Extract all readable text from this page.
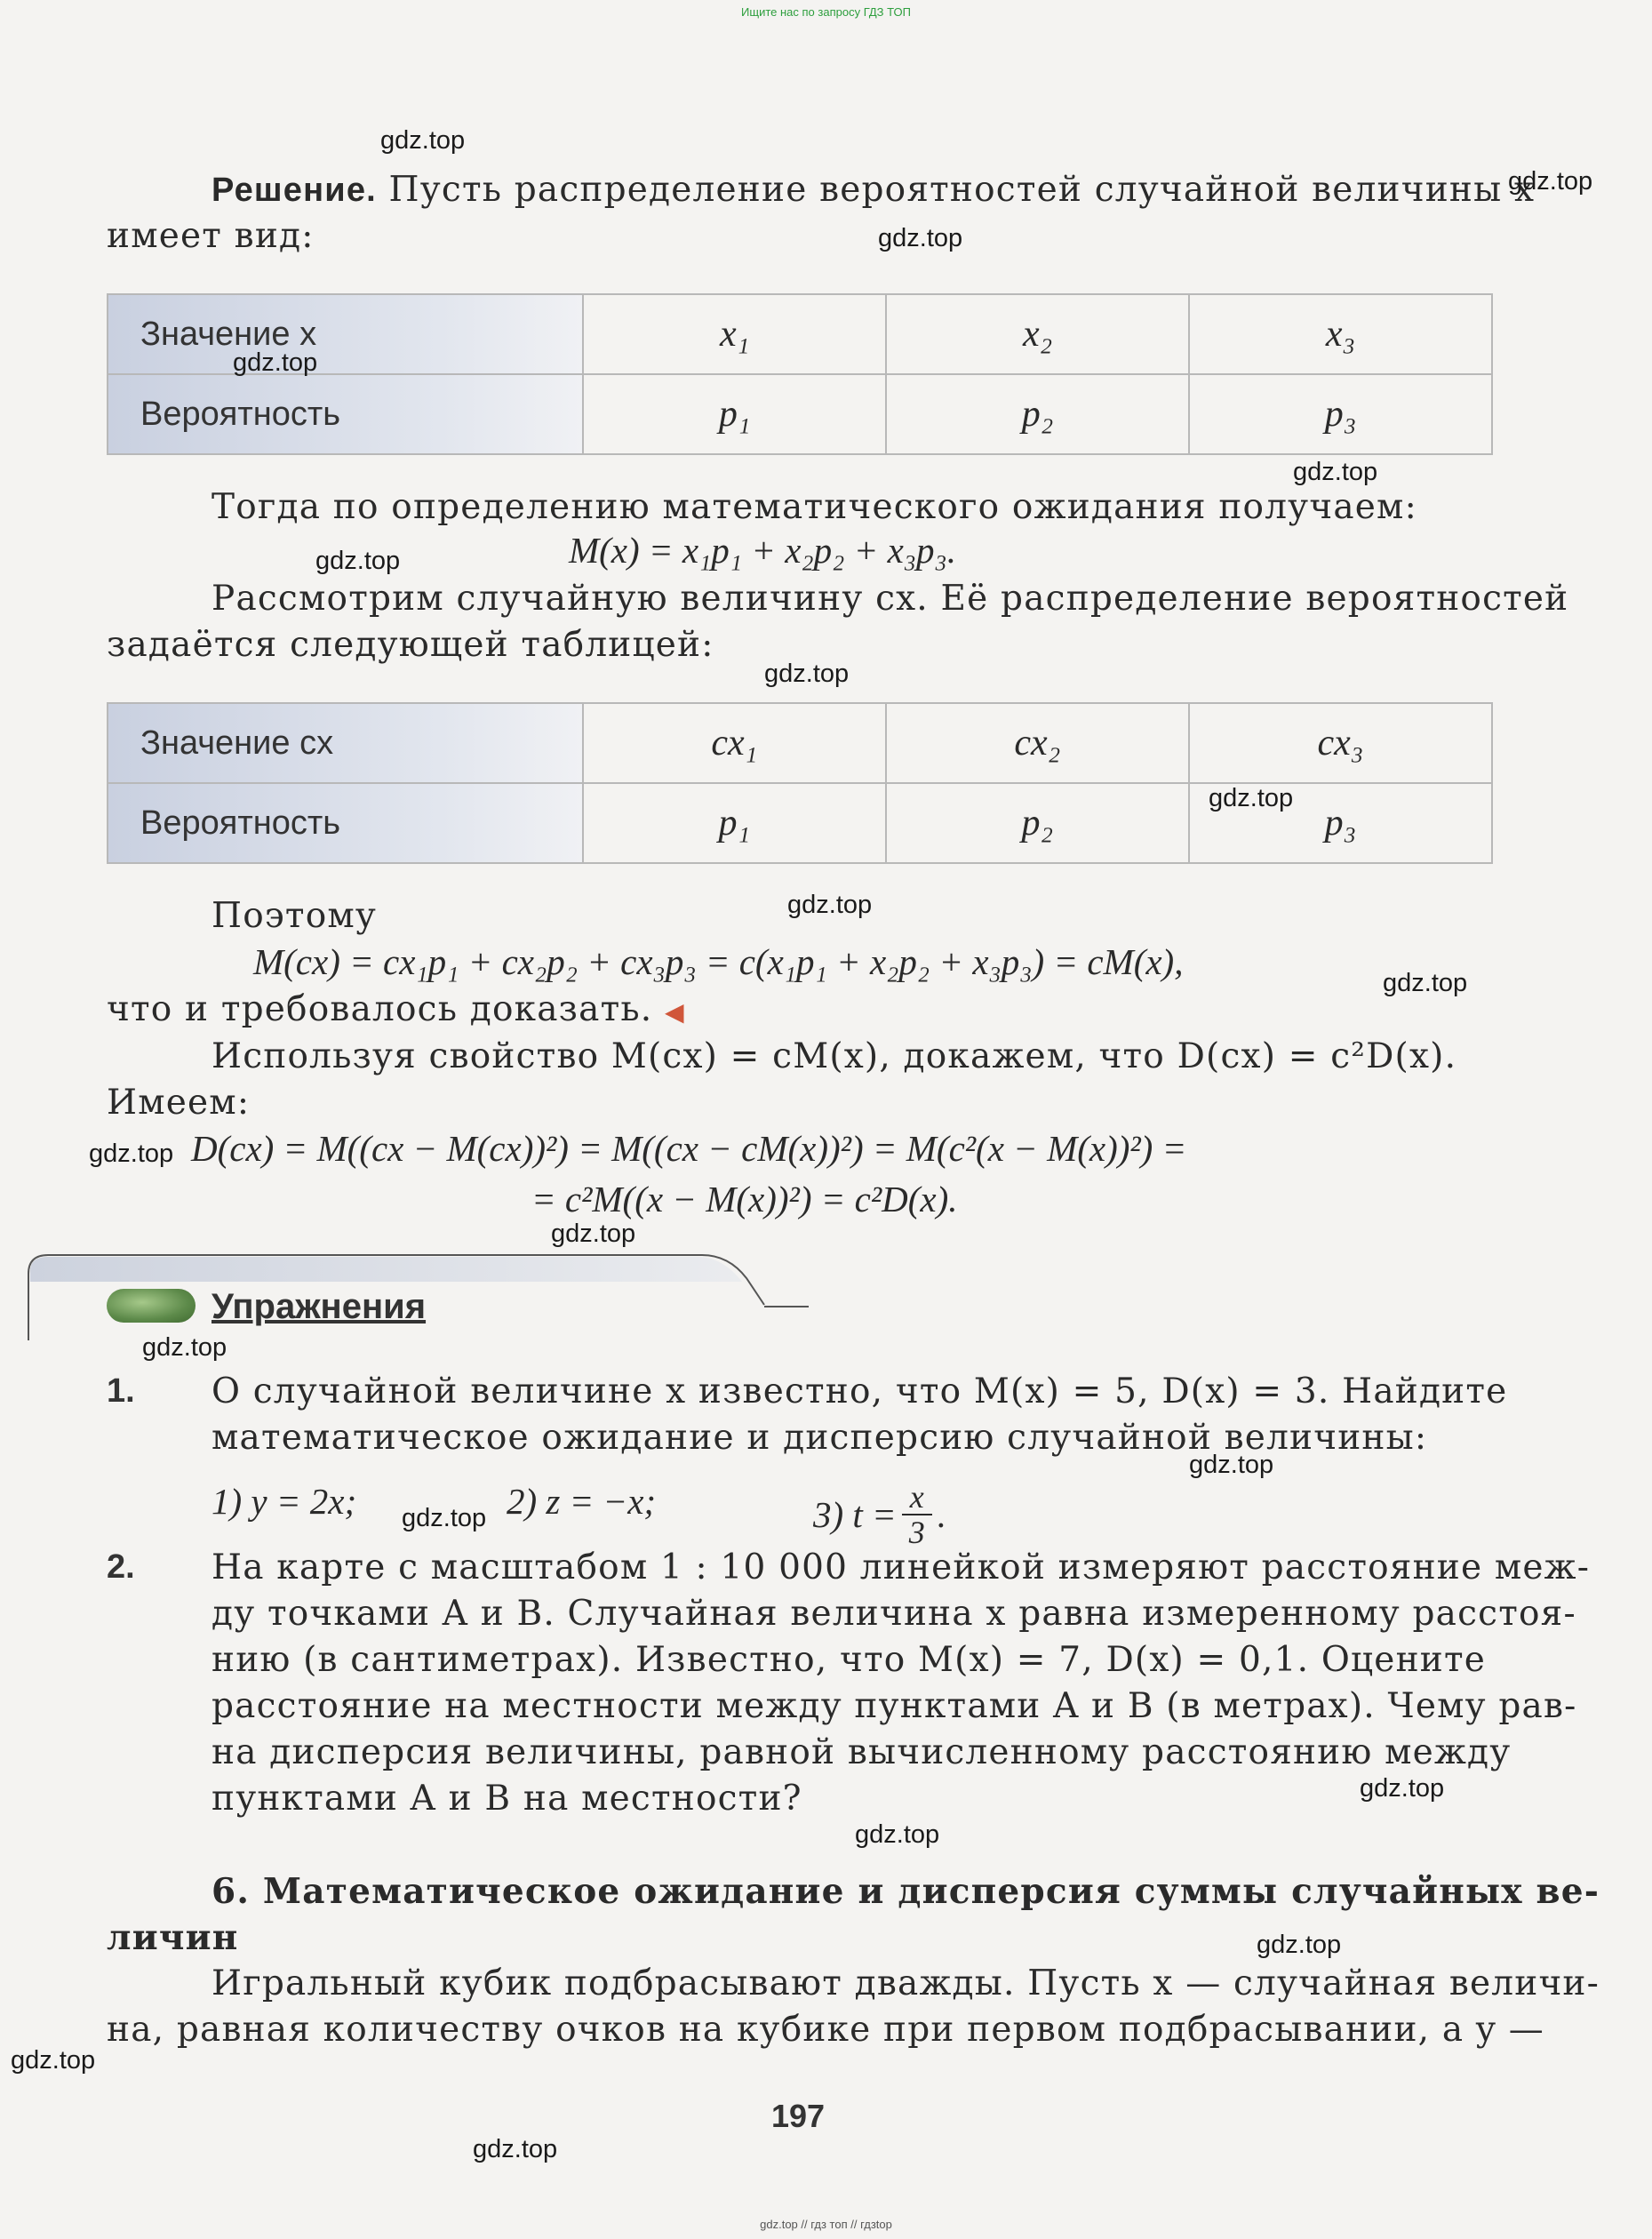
Ищите нас по запросу ГДЗ ТОП
Решение. Пусть распределение вероятностей случайной величины x
имеет вид:
Значение x	x₁	x₂	x₃
Вероятность	p₁	p₂	p₃
Тогда по определению математического ожидания получаем:
M(x) = x₁p₁ + x₂p₂ + x₃p₃.
Рассмотрим случайную величину cx. Её распределение вероятностей
задаётся следующей таблицей:
Значение cx	cx₁	cx₂	cx₃
Вероятность	p₁	p₂	p₃
Поэтому
M(cx) = cx₁p₁ + cx₂p₂ + cx₃p₃ = c(x₁p₁ + x₂p₂ + x₃p₃) = cM(x),
что и требовалось доказать. ◀
Используя свойство M(cx) = cM(x), докажем, что D(cx) = c²D(x).
Имеем:
D(cx) = M((cx − M(cx))²) = M((cx − cM(x))²) = M(c²(x − M(x))²) =
= c²M((x − M(x))²) = c²D(x).
Упражнения
1. О случайной величине x известно, что M(x) = 5, D(x) = 3. Найдите
математическое ожидание и дисперсию случайной величины:
1) y = 2x;	2) z = −x;	3) $t = \frac{x}{3}$ .
2. На карте с масштабом 1 : 10 000 линейкой измеряют расстояние меж-
ду точками A и B. Случайная величина x равна измеренному расстоя-
нию (в сантиметрах). Известно, что M(x) = 7, D(x) = 0,1. Оцените
расстояние на местности между пунктами A и B (в метрах). Чему рав-
на дисперсия величины, равной вычисленному расстоянию между
пунктами A и B на местности?
6. Математическое ожидание и дисперсия суммы случайных ве-
личин
Игральный кубик подбрасывают дважды. Пусть x — случайная величи-
на, равная количеству очков на кубике при первом подбрасывании, а y —
197
gdz.top
gdz.top
gdz.top
gdz.top
gdz.top
gdz.top
gdz.top
gdz.top
gdz.top
gdz.top
gdz.top
gdz.top
gdz.top
gdz.top
gdz.top
gdz.top
gdz.top
gdz.top
gdz.top
gdz.top
gdz.top // гдз топ // гдзtop
